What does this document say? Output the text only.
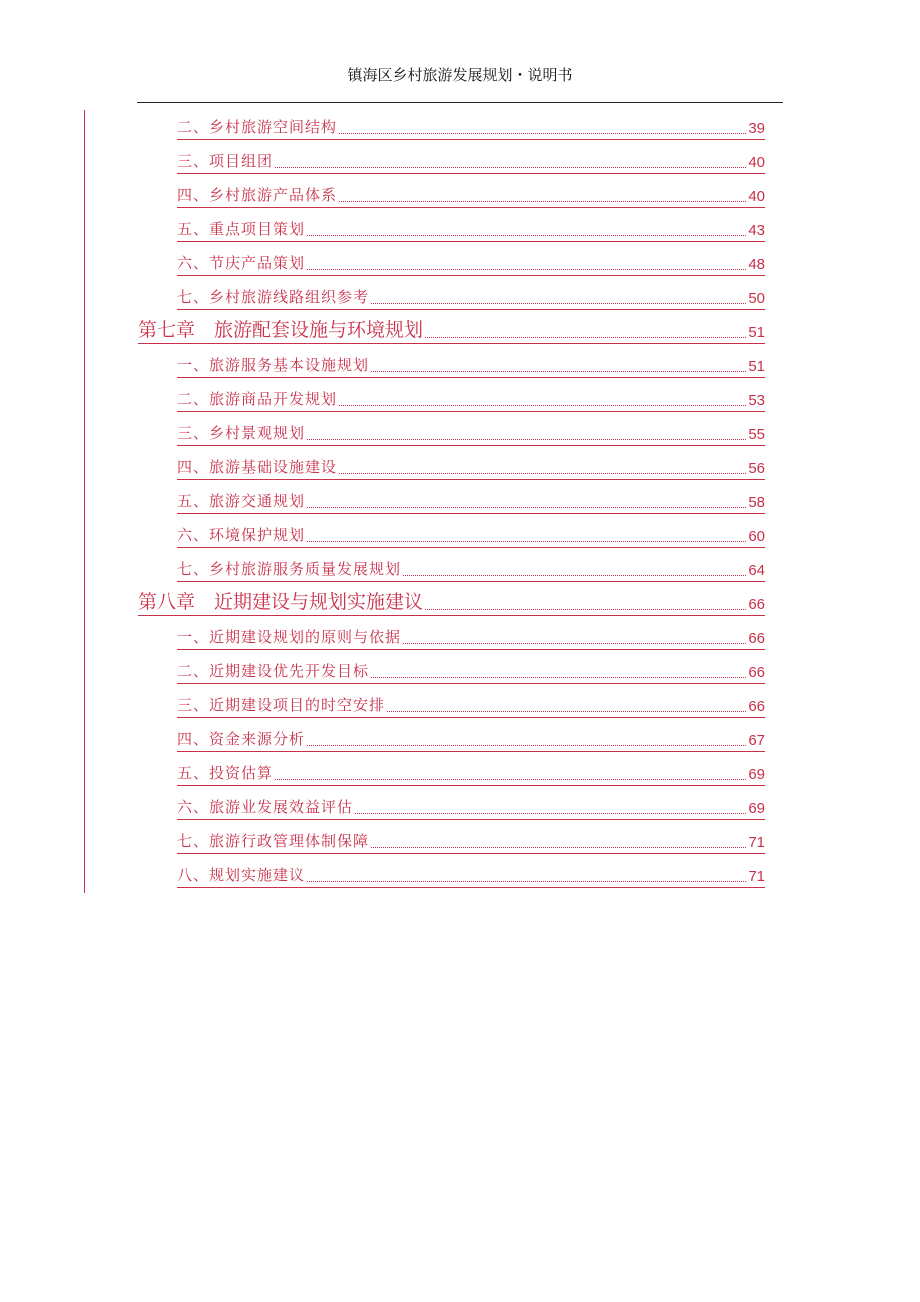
镇海区乡村旅游发展规划・说明书
二、乡村旅游空间结构	39
三、项目组团	40
四、乡村旅游产品体系	40
五、重点项目策划	43
六、节庆产品策划	48
七、乡村旅游线路组织参考	50
第七章　旅游配套设施与环境规划	51
一、旅游服务基本设施规划	51
二、旅游商品开发规划	53
三、乡村景观规划	55
四、旅游基础设施建设	56
五、旅游交通规划	58
六、环境保护规划	60
七、乡村旅游服务质量发展规划	64
第八章　近期建设与规划实施建议	66
一、近期建设规划的原则与依据	66
二、近期建设优先开发目标	66
三、近期建设项目的时空安排	66
四、资金来源分析	67
五、投资估算	69
六、旅游业发展效益评估	69
七、旅游行政管理体制保障	71
八、规划实施建议	71
